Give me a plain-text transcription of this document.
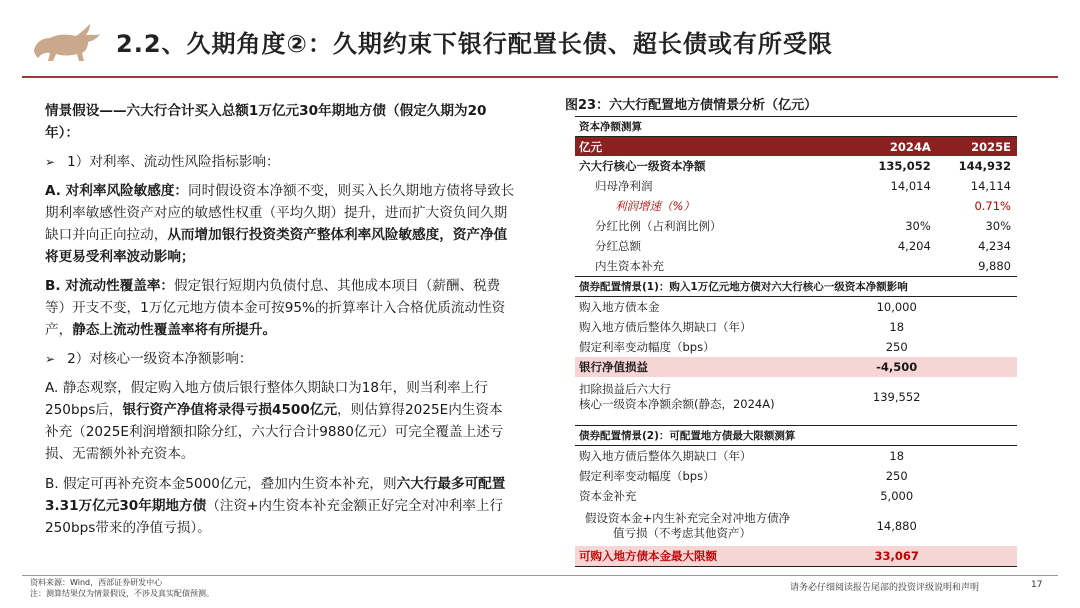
2.2、久期角度②：久期约束下银行配置长债、超长债或有所受限

情景假设——六大行合计买入总额1万亿元30年期地方债（假定久期为20年）：

➢ 1）对利率、流动性风险指标影响：

A. 对利率风险敏感度：同时假设资本净额不变，则买入长久期地方债将导致长期利率敏感性资产对应的敏感性权重（平均久期）提升，进而扩大资负间久期缺口并向正向拉动，从而增加银行投资类资产整体利率风险敏感度，资产净值将更易受利率波动影响；

B. 对流动性覆盖率：假定银行短期内负债付息、其他成本项目（薪酬、税费等）开支不变，1万亿元地方债本金可按95%的折算率计入合格优质流动性资产，静态上流动性覆盖率将有所提升。

➢ 2）对核心一级资本净额影响：

A. 静态观察，假定购入地方债后银行整体久期缺口为18年，则当利率上行250bps后，银行资产净值将录得亏损4500亿元，则估算得2025E内生资本补充（2025E利润增额扣除分红，六大行合计9880亿元）可完全覆盖上述亏损、无需额外补充资本。

B. 假定可再补充资本金5000亿元，叠加内生资本补充，则六大行最多可配置3.31万亿元30年期地方债（注资+内生资本补充金额正好完全对冲利率上行250bps带来的净值亏损）。

图23：六大行配置地方债情景分析（亿元）
资本净额测算		
亿元	2024A	2025E
六大行核心一级资本净额	135,052	144,932
归母净利润	14,014	14,114
利润增速（%）		0.71%
分红比例（占利润比例）	30%	30%
分红总额	4,204	4,234
内生资本补充		9,880
债券配置情景(1)：购入1万亿元地方债对六大行核心一级资本净额影响		
购入地方债本金	10,000	
购入地方债后整体久期缺口（年）	18	
假定利率变动幅度（bps）	250	
银行净值损益	-4,500	
扣除损益后六大行
核心一级资本净额余额(静态，2024A)	139,552	

债券配置情景(2)：可配置地方债最大限额测算		
购入地方债后整体久期缺口（年）	18	
假定利率变动幅度（bps）	250	
资本金补充	5,000	
假设资本金+内生补充完全对冲地方债净
值亏损（不考虑其他资产）	14,880	
可购入地方债本金最大限额	33,067	
资料来源：Wind，西部证券研发中心
注：测算结果仅为情景假设，不涉及真实配债预测。
请务必仔细阅读报告尾部的投资评级说明和声明	17
